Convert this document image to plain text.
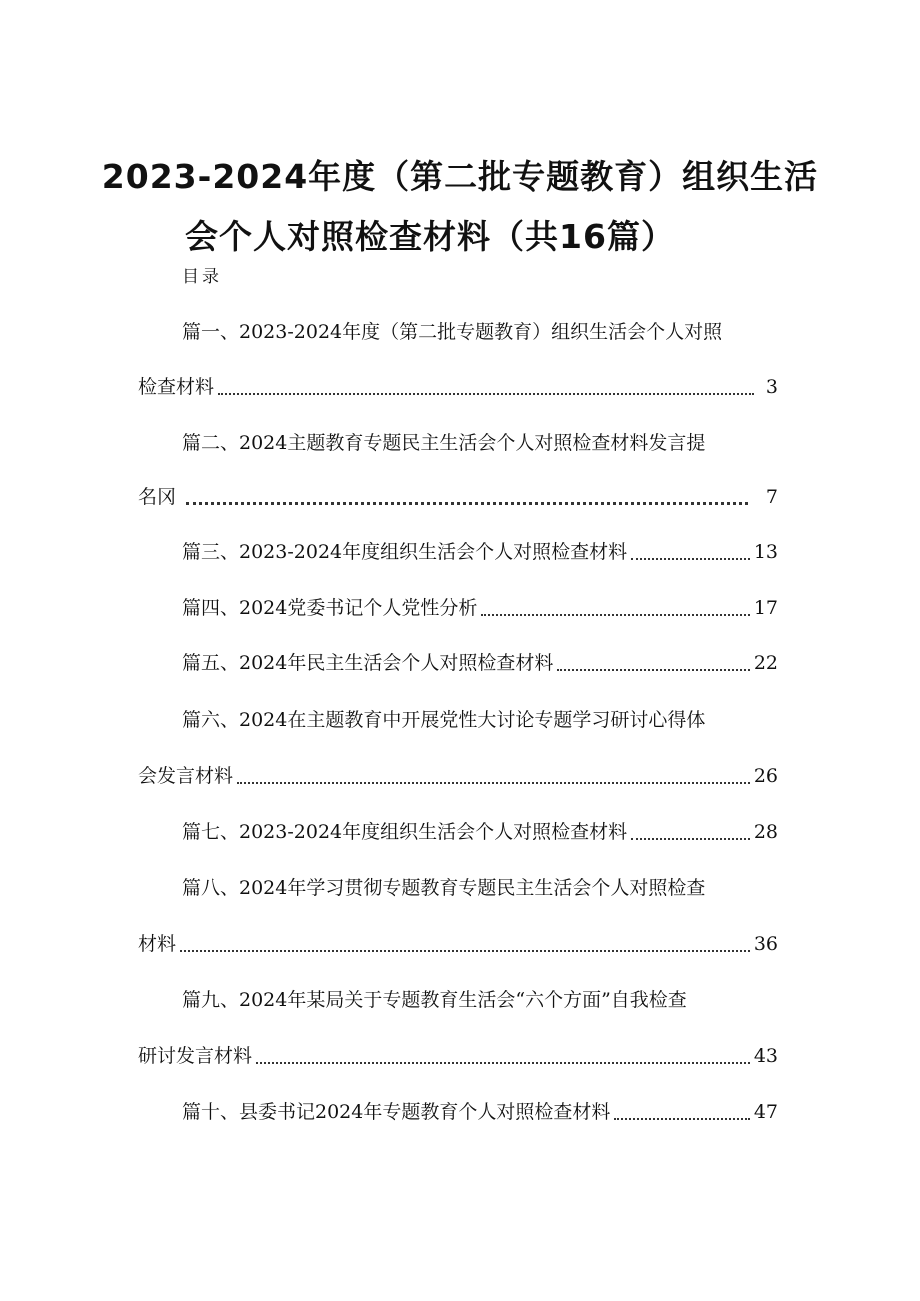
2023-2024年度（第二批专题教育）组织生活
会个人对照检查材料（共16篇）
目录
篇一、2023-2024年度（第二批专题教育）组织生活会个人对照
检查材料	3
篇二、2024主题教育专题民主生活会个人对照检查材料发言提
名冈	7
篇三、2023-2024年度组织生活会个人对照检查材料	13
篇四、2024党委书记个人党性分析	17
篇五、2024年民主生活会个人对照检查材料	22
篇六、2024在主题教育中开展党性大讨论专题学习研讨心得体
会发言材料	26
篇七、2023-2024年度组织生活会个人对照检查材料	28
篇八、2024年学习贯彻专题教育专题民主生活会个人对照检查
材料	36
篇九、2024年某局关于专题教育生活会“六个方面”自我检查
研讨发言材料	43
篇十、县委书记2024年专题教育个人对照检查材料	47
